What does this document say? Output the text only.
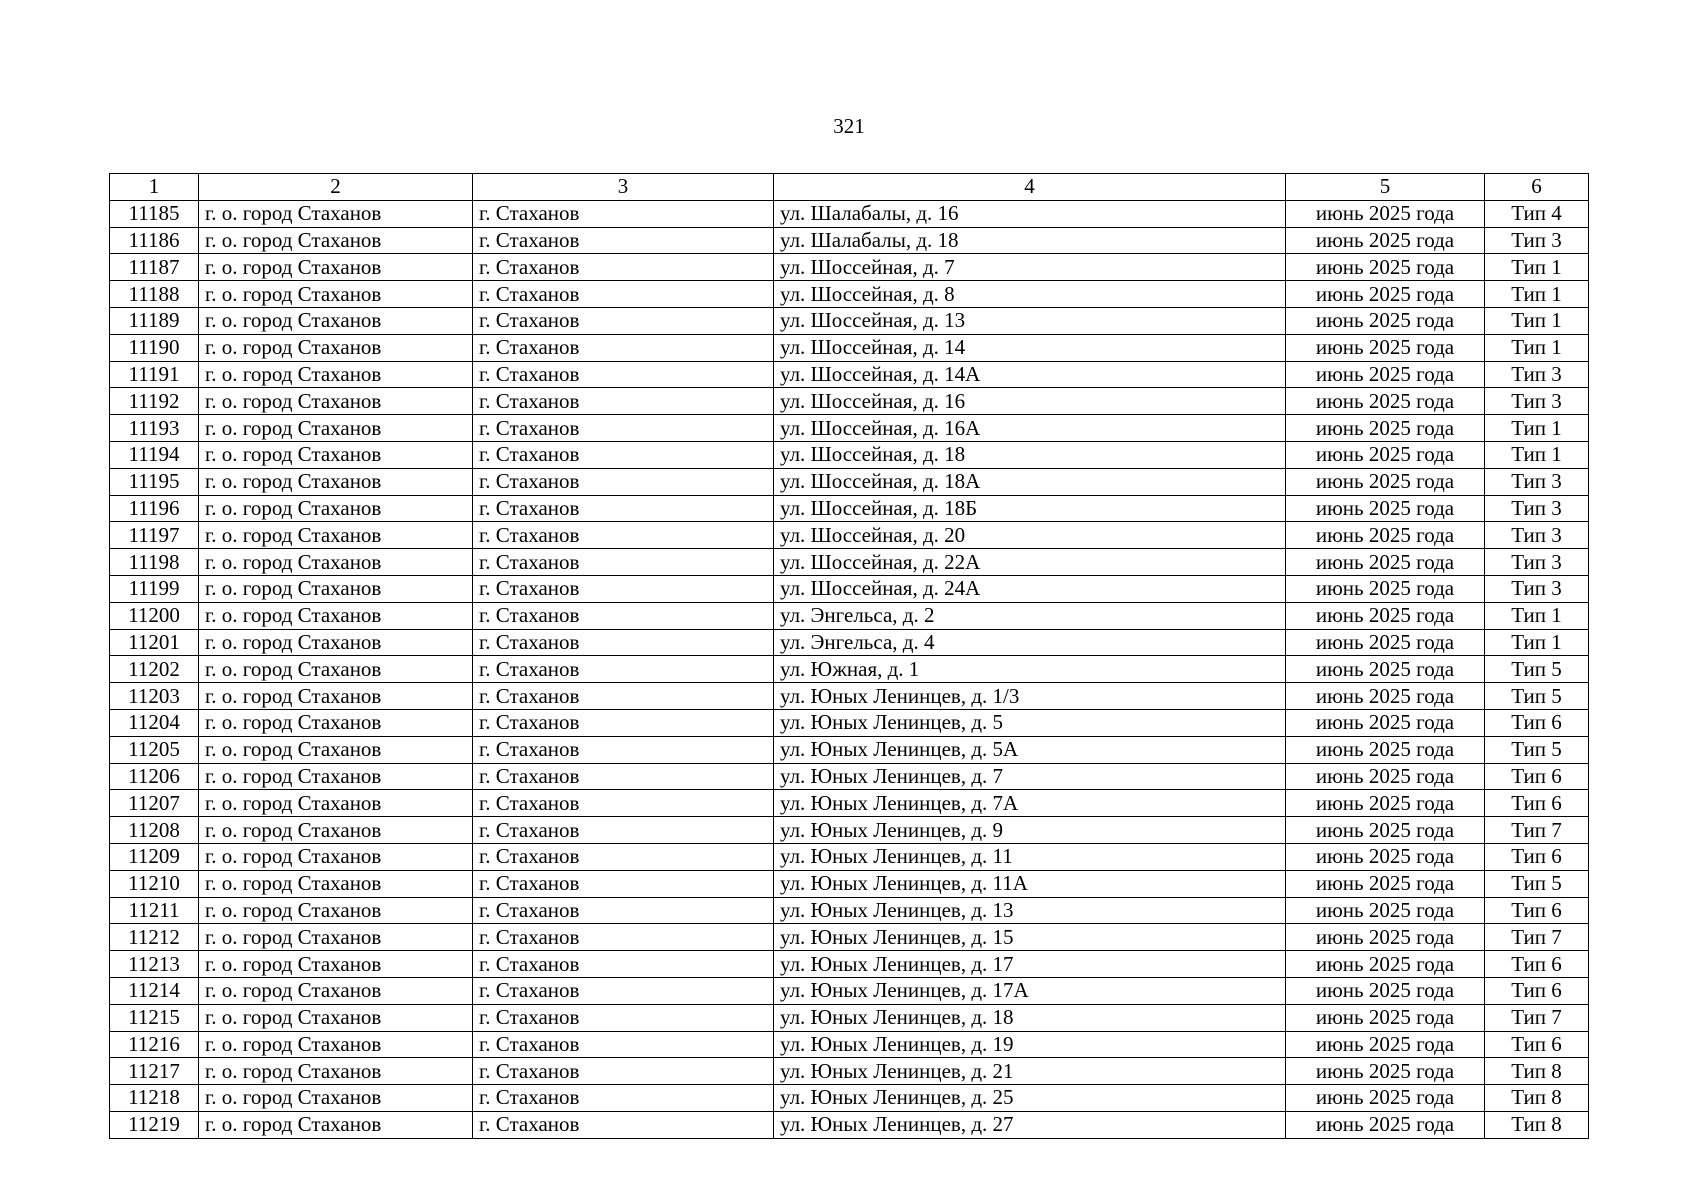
321
1	2	3	4	5	6
11185	г. о. город Стаханов	г. Стаханов	ул. Шалабалы, д. 16	июнь 2025 года	Тип 4
11186	г. о. город Стаханов	г. Стаханов	ул. Шалабалы, д. 18	июнь 2025 года	Тип 3
11187	г. о. город Стаханов	г. Стаханов	ул. Шоссейная, д. 7	июнь 2025 года	Тип 1
11188	г. о. город Стаханов	г. Стаханов	ул. Шоссейная, д. 8	июнь 2025 года	Тип 1
11189	г. о. город Стаханов	г. Стаханов	ул. Шоссейная, д. 13	июнь 2025 года	Тип 1
11190	г. о. город Стаханов	г. Стаханов	ул. Шоссейная, д. 14	июнь 2025 года	Тип 1
11191	г. о. город Стаханов	г. Стаханов	ул. Шоссейная, д. 14А	июнь 2025 года	Тип 3
11192	г. о. город Стаханов	г. Стаханов	ул. Шоссейная, д. 16	июнь 2025 года	Тип 3
11193	г. о. город Стаханов	г. Стаханов	ул. Шоссейная, д. 16А	июнь 2025 года	Тип 1
11194	г. о. город Стаханов	г. Стаханов	ул. Шоссейная, д. 18	июнь 2025 года	Тип 1
11195	г. о. город Стаханов	г. Стаханов	ул. Шоссейная, д. 18А	июнь 2025 года	Тип 3
11196	г. о. город Стаханов	г. Стаханов	ул. Шоссейная, д. 18Б	июнь 2025 года	Тип 3
11197	г. о. город Стаханов	г. Стаханов	ул. Шоссейная, д. 20	июнь 2025 года	Тип 3
11198	г. о. город Стаханов	г. Стаханов	ул. Шоссейная, д. 22А	июнь 2025 года	Тип 3
11199	г. о. город Стаханов	г. Стаханов	ул. Шоссейная, д. 24А	июнь 2025 года	Тип 3
11200	г. о. город Стаханов	г. Стаханов	ул. Энгельса, д. 2	июнь 2025 года	Тип 1
11201	г. о. город Стаханов	г. Стаханов	ул. Энгельса, д. 4	июнь 2025 года	Тип 1
11202	г. о. город Стаханов	г. Стаханов	ул. Южная, д. 1	июнь 2025 года	Тип 5
11203	г. о. город Стаханов	г. Стаханов	ул. Юных Ленинцев, д. 1/3	июнь 2025 года	Тип 5
11204	г. о. город Стаханов	г. Стаханов	ул. Юных Ленинцев, д. 5	июнь 2025 года	Тип 6
11205	г. о. город Стаханов	г. Стаханов	ул. Юных Ленинцев, д. 5А	июнь 2025 года	Тип 5
11206	г. о. город Стаханов	г. Стаханов	ул. Юных Ленинцев, д. 7	июнь 2025 года	Тип 6
11207	г. о. город Стаханов	г. Стаханов	ул. Юных Ленинцев, д. 7А	июнь 2025 года	Тип 6
11208	г. о. город Стаханов	г. Стаханов	ул. Юных Ленинцев, д. 9	июнь 2025 года	Тип 7
11209	г. о. город Стаханов	г. Стаханов	ул. Юных Ленинцев, д. 11	июнь 2025 года	Тип 6
11210	г. о. город Стаханов	г. Стаханов	ул. Юных Ленинцев, д. 11А	июнь 2025 года	Тип 5
11211	г. о. город Стаханов	г. Стаханов	ул. Юных Ленинцев, д. 13	июнь 2025 года	Тип 6
11212	г. о. город Стаханов	г. Стаханов	ул. Юных Ленинцев, д. 15	июнь 2025 года	Тип 7
11213	г. о. город Стаханов	г. Стаханов	ул. Юных Ленинцев, д. 17	июнь 2025 года	Тип 6
11214	г. о. город Стаханов	г. Стаханов	ул. Юных Ленинцев, д. 17А	июнь 2025 года	Тип 6
11215	г. о. город Стаханов	г. Стаханов	ул. Юных Ленинцев, д. 18	июнь 2025 года	Тип 7
11216	г. о. город Стаханов	г. Стаханов	ул. Юных Ленинцев, д. 19	июнь 2025 года	Тип 6
11217	г. о. город Стаханов	г. Стаханов	ул. Юных Ленинцев, д. 21	июнь 2025 года	Тип 8
11218	г. о. город Стаханов	г. Стаханов	ул. Юных Ленинцев, д. 25	июнь 2025 года	Тип 8
11219	г. о. город Стаханов	г. Стаханов	ул. Юных Ленинцев, д. 27	июнь 2025 года	Тип 8
